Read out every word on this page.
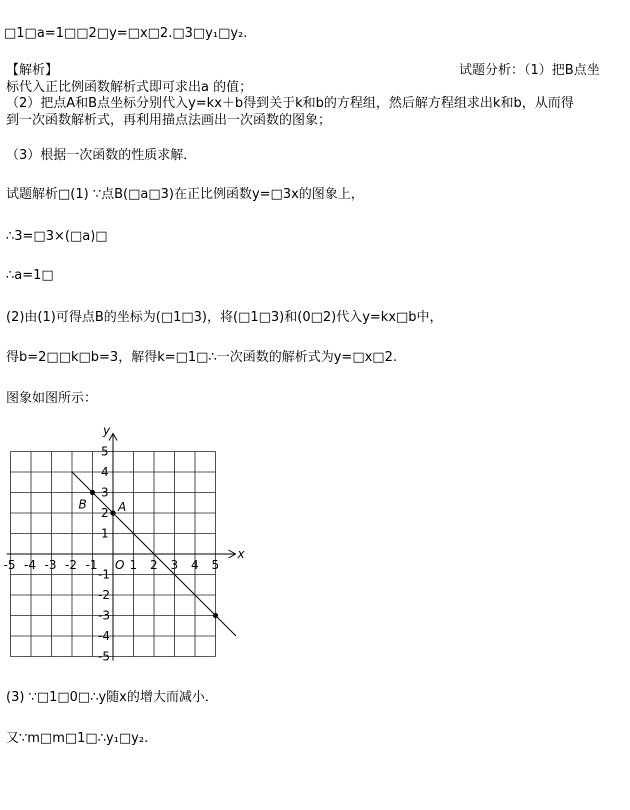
□1□a=1□□2□y=□x□2.□3□y₁□y₂.
【解析】	试题分析：（1）把B点坐
标代入正比例函数解析式即可求出a 的值；
（2）把点A和B点坐标分别代入y=kx＋b得到关于k和b的方程组，然后解方程组求出k和b，从而得
到一次函数解析式，再利用描点法画出一次函数的图象；
（3）根据一次函数的性质求解．
试题解析□(1) ∵点B(□a□3)在正比例函数y=□3x的图象上，
∴3=□3×(□a)□
∴a=1□
(2)由(1)可得点B的坐标为(□1□3)，将(□1□3)和(0□2)代入y=kx□b中，
得b=2□□k□b=3，解得k=□1□∴一次函数的解析式为y=□x□2.
图象如图所示：
x
y
-5 -4 -3 -2 -1	1 2 3 4 5
O
5
4
3
2
1
-1
-2
-3
-4
-5
B	A
(3) ∵□1□0□∴y随x的增大而减小．
又∵m□m□1□∴y₁□y₂.
